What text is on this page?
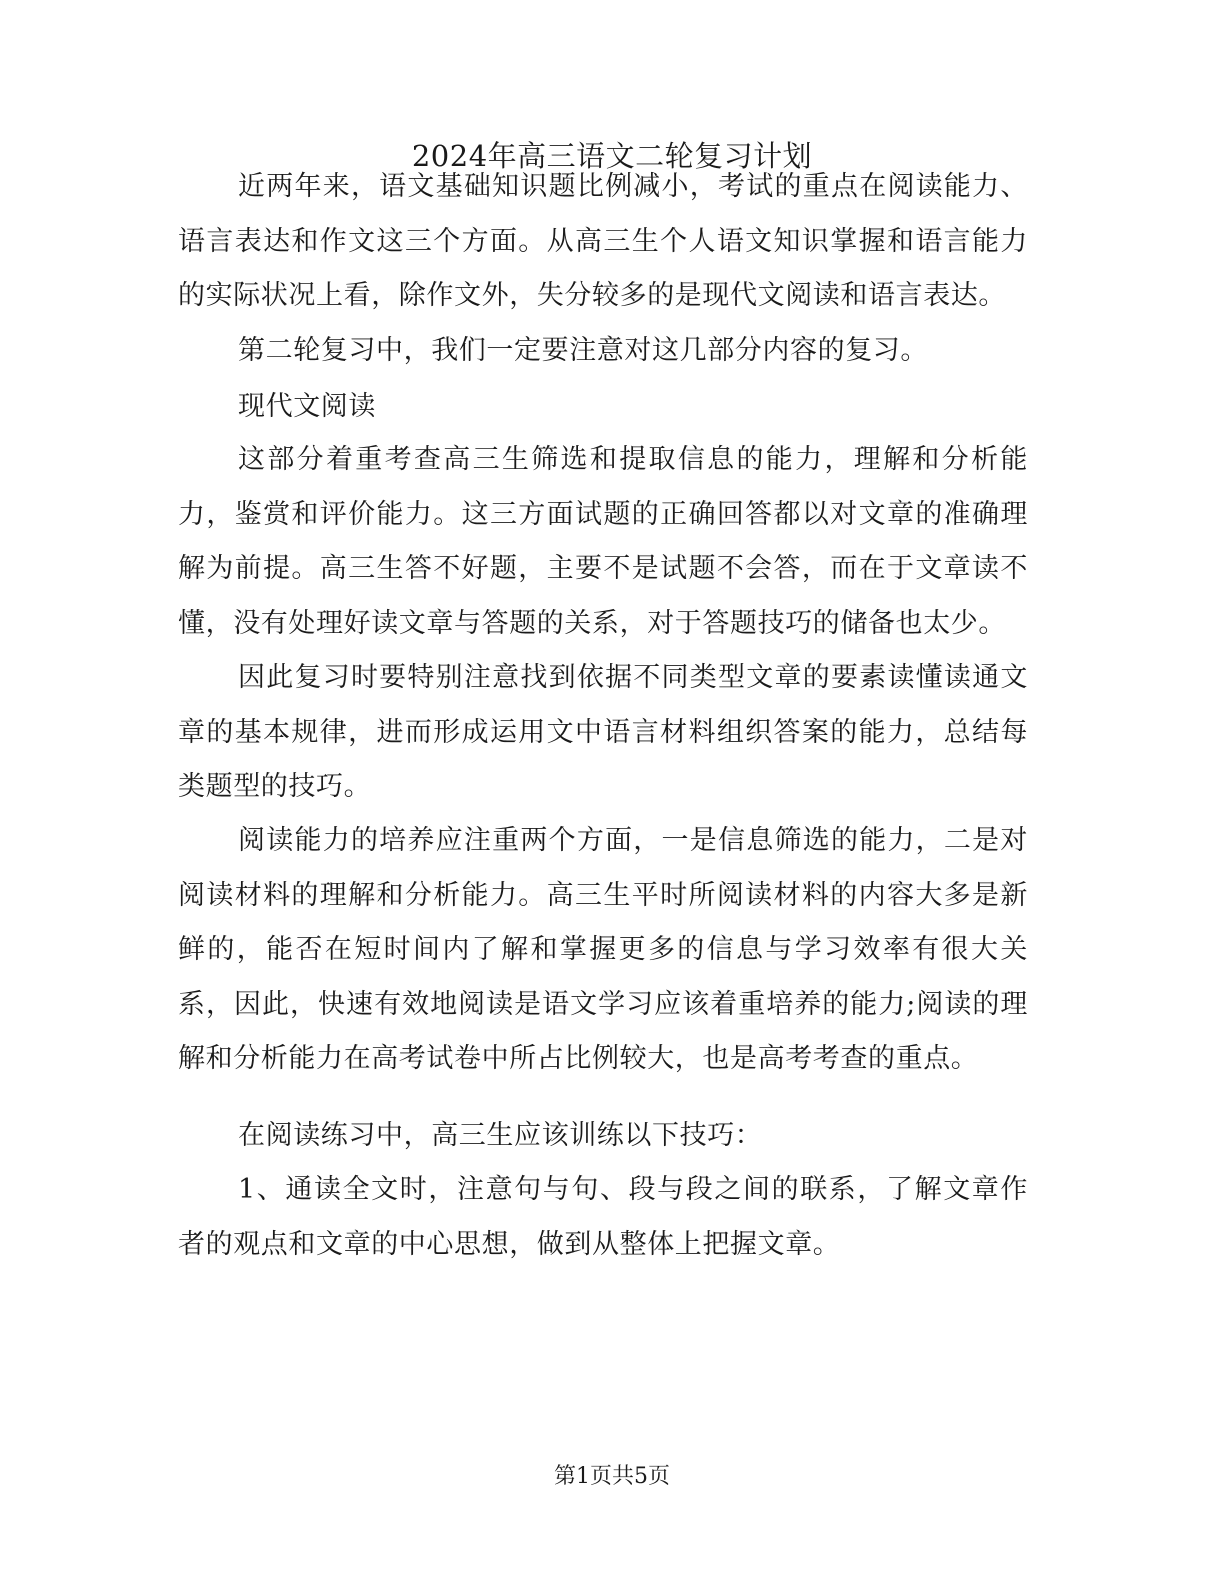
2024年高三语文二轮复习计划

近两年来，语文基础知识题比例减小，考试的重点在阅读能力、语言表达和作文这三个方面。从高三生个人语文知识掌握和语言能力的实际状况上看，除作文外，失分较多的是现代文阅读和语言表达。

第二轮复习中，我们一定要注意对这几部分内容的复习。

现代文阅读

这部分着重考查高三生筛选和提取信息的能力，理解和分析能力，鉴赏和评价能力。这三方面试题的正确回答都以对文章的准确理解为前提。高三生答不好题，主要不是试题不会答，而在于文章读不懂，没有处理好读文章与答题的关系，对于答题技巧的储备也太少。

因此复习时要特别注意找到依据不同类型文章的要素读懂读通文章的基本规律，进而形成运用文中语言材料组织答案的能力，总结每类题型的技巧。

阅读能力的培养应注重两个方面，一是信息筛选的能力，二是对阅读材料的理解和分析能力。高三生平时所阅读材料的内容大多是新鲜的，能否在短时间内了解和掌握更多的信息与学习效率有很大关系，因此，快速有效地阅读是语文学习应该着重培养的能力;阅读的理解和分析能力在高考试卷中所占比例较大，也是高考考查的重点。

在阅读练习中，高三生应该训练以下技巧：

1、通读全文时，注意句与句、段与段之间的联系，了解文章作者的观点和文章的中心思想，做到从整体上把握文章。

第1页共5页
